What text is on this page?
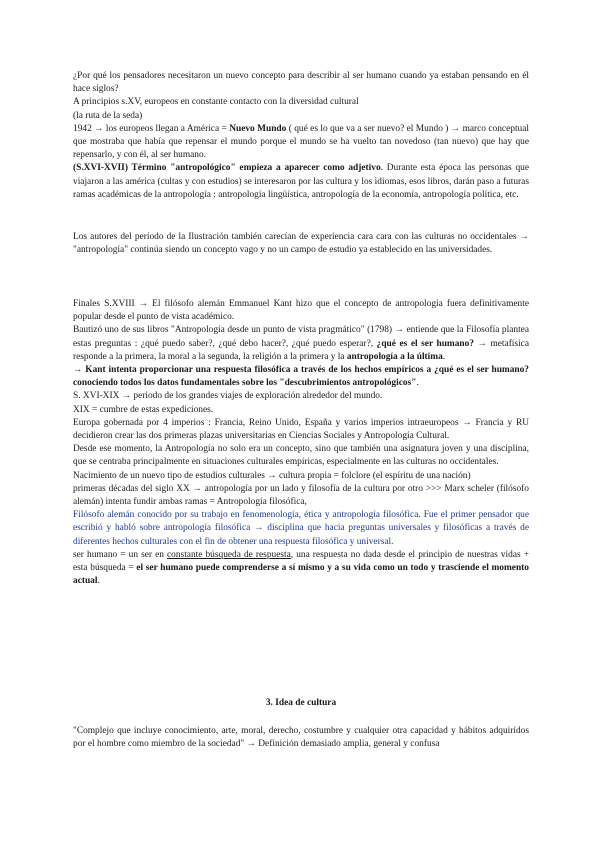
¿Por qué los pensadores necesitaron un nuevo concepto para describir al ser humano cuando ya estaban pensando en él hace siglos?

A principios s.XV, europeos en constante contacto con la diversidad cultural

(la ruta de la seda)

1942 → los europeos llegan a América = Nuevo Mundo ( qué es lo que va a ser nuevo? el Mundo ) → marco conceptual que mostraba que había que repensar el mundo porque el mundo se ha vuelto tan novedoso (tan nuevo) que hay que repensarlo, y con él, al ser humano.

(S.XVI-XVII) Término "antropológico" empieza a aparecer como adjetivo. Durante esta época las personas que viajaron a las américa (cultas y con estudios) se interesaron por las cultura y los idiomas, esos libros, darán paso a futuras ramas académicas de la antropología : antropología lingüística, antropología de la economía, antropología política, etc.

Los autores del período de la Ilustración también carecían de experiencia cara cara con las culturas no occidentales → "antropología" continúa siendo un concepto vago y no un campo de estudio ya establecido en las universidades.

Finales S.XVIII → El filósofo alemán Emmanuel Kant hizo que el concepto de antropología fuera definitivamente popular desde el punto de vista académico.

Bautizó uno de sus libros "Antropología desde un punto de vista pragmático" (1798) → entiende que la Filosofía plantea estas preguntas : ¿qué puedo saber?, ¿qué debo hacer?, ¿qué puedo esperar?, ¿qué es el ser humano? → metafísica responde a la primera, la moral a la segunda, la religión a la primera y la antropología a la última.

→ Kant intenta proporcionar una respuesta filosófica a través de los hechos empíricos a ¿qué es el ser humano? conociendo todos los datos fundamentales sobre los "descubrimientos antropológicos".

S. XVI-XIX → periodo de los grandes viajes de exploración alrededor del mundo.

XIX = cumbre de estas expediciones.

Europa gobernada por 4 imperios : Francia, Reino Unido, España y varios imperios intraeuropeos → Francia y RU decidieron crear las dos primeras plazas universitarias en Ciencias Sociales y Antropología Cultural.

Desde ese momento, la Antropología no solo era un concepto, sino que también una asignatura joven y una disciplina, que se centraba principalmente en situaciones culturales empíricas, especialmente en las culturas no occidentales.

Nacimiento de un nuevo tipo de estudios culturales → cultura propia = folclore (el espíritu de una nación)

primeras décadas del siglo XX → antropología por un lado y filosofía de la cultura por otro >>> Marx scheler (filósofo alemán) intenta fundir ambas ramas = Antropología filosófica,

Filósofo alemán conocido por su trabajo en fenomenología, ética y antropología filosófica. Fue el primer pensador que escribió y habló sobre antropología filosófica → disciplina que hacía preguntas universales y filosóficas a través de diferentes hechos culturales con el fin de obtener una respuesta filosófica y universal.

ser humano = un ser en constante búsqueda de respuesta, una respuesta no dada desde el principio de nuestras vidas + esta búsqueda = el ser humano puede comprenderse a sí mismo y a su vida como un todo y trasciende el momento actual.

3. Idea de cultura

"Complejo que incluye conocimiento, arte, moral, derecho, costumbre y cualquier otra capacidad y hábitos adquiridos por el hombre como miembro de la sociedad" → Definición demasiado amplia, general y confusa
